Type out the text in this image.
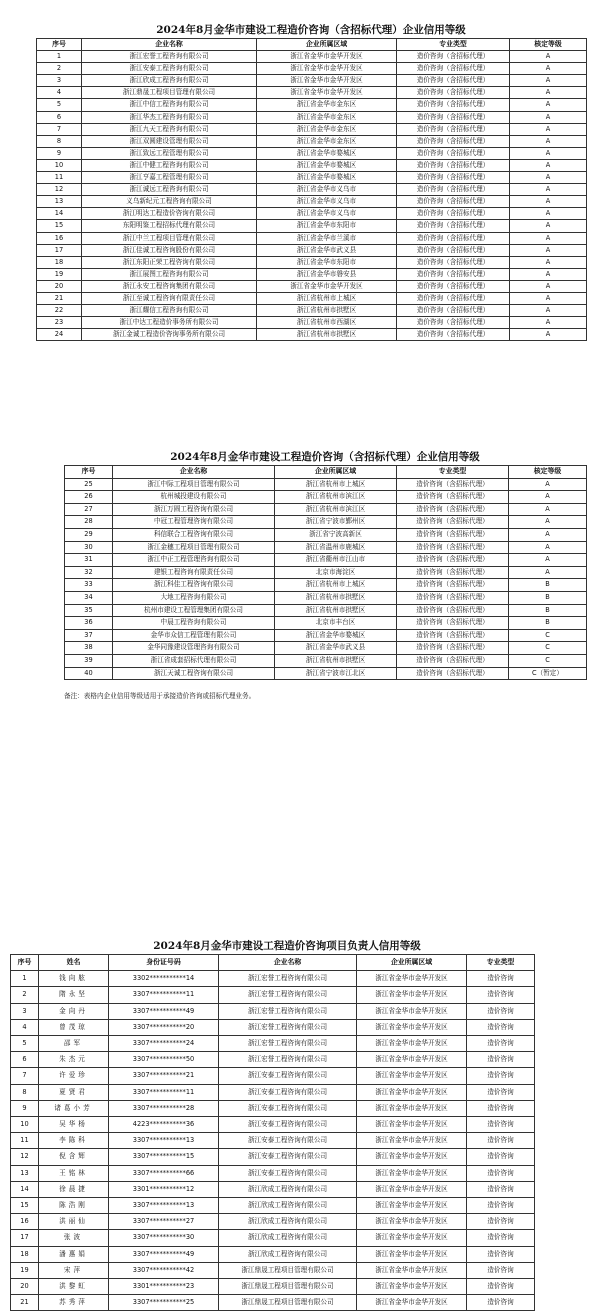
2024年8月金华市建设工程造价咨询（含招标代理）企业信用等级
序号	企业名称	企业所属区域	专业类型	核定等级
1	浙江宏誉工程咨询有限公司	浙江省金华市金华开发区	造价咨询（含招标代理）	A
2	浙江安泰工程咨询有限公司	浙江省金华市金华开发区	造价咨询（含招标代理）	A
3	浙江欣成工程咨询有限公司	浙江省金华市金华开发区	造价咨询（含招标代理）	A
4	浙江鼎晟工程项目管理有限公司	浙江省金华市金华开发区	造价咨询（含招标代理）	A
5	浙江中信工程咨询有限公司	浙江省金华市金东区	造价咨询（含招标代理）	A
6	浙江华杰工程咨询有限公司	浙江省金华市金东区	造价咨询（含招标代理）	A
7	浙江九天工程咨询有限公司	浙江省金华市金东区	造价咨询（含招标代理）	A
8	浙江双圆建设管理有限公司	浙江省金华市金东区	造价咨询（含招标代理）	A
9	浙江致远工程管理有限公司	浙江省金华市婺城区	造价咨询（含招标代理）	A
10	浙江中健工程咨询有限公司	浙江省金华市婺城区	造价咨询（含招标代理）	A
11	浙江亨嘉工程管理有限公司	浙江省金华市婺城区	造价咨询（含招标代理）	A
12	浙江诚远工程咨询有限公司	浙江省金华市义乌市	造价咨询（含招标代理）	A
13	义乌新纪元工程咨询有限公司	浙江省金华市义乌市	造价咨询（含招标代理）	A
14	浙江明达工程造价咨询有限公司	浙江省金华市义乌市	造价咨询（含招标代理）	A
15	东阳明鉴工程招标代理有限公司	浙江省金华市东阳市	造价咨询（含招标代理）	A
16	浙江中兰工程项目管理有限公司	浙江省金华市兰溪市	造价咨询（含招标代理）	A
17	浙江佳诚工程咨询股份有限公司	浙江省金华市武义县	造价咨询（含招标代理）	A
18	浙江东阳正荣工程咨询有限公司	浙江省金华市东阳市	造价咨询（含招标代理）	A
19	浙江展图工程咨询有限公司	浙江省金华市磐安县	造价咨询（含招标代理）	A
20	浙江永安工程咨询集团有限公司	浙江省金华市金华开发区	造价咨询（含招标代理）	A
21	浙江至诚工程咨询有限责任公司	浙江省杭州市上城区	造价咨询（含招标代理）	A
22	浙江耀信工程咨询有限公司	浙江省杭州市拱墅区	造价咨询（含招标代理）	A
23	浙江中达工程造价事务所有限公司	浙江省杭州市西湖区	造价咨询（含招标代理）	A
24	浙江金诚工程造价咨询事务所有限公司	浙江省杭州市拱墅区	造价咨询（含招标代理）	A
2024年8月金华市建设工程造价咨询（含招标代理）企业信用等级
序号	企业名称	企业所属区域	专业类型	核定等级
25	浙江中际工程项目管理有限公司	浙江省杭州市上城区	造价咨询（含招标代理）	A
26	杭州城投建设有限公司	浙江省杭州市滨江区	造价咨询（含招标代理）	A
27	浙江万圆工程咨询有限公司	浙江省杭州市滨江区	造价咨询（含招标代理）	A
28	中冠工程管理咨询有限公司	浙江省宁波市鄞州区	造价咨询（含招标代理）	A
29	科信联合工程咨询有限公司	浙江省宁波高新区	造价咨询（含招标代理）	A
30	浙江金穗工程项目管理有限公司	浙江省温州市鹿城区	造价咨询（含招标代理）	A
31	浙江中正工程管理咨询有限公司	浙江省衢州市江山市	造价咨询（含招标代理）	A
32	建银工程咨询有限责任公司	北京市海淀区	造价咨询（含招标代理）	A
33	浙江科佳工程咨询有限公司	浙江省杭州市上城区	造价咨询（含招标代理）	B
34	大地工程咨询有限公司	浙江省杭州市拱墅区	造价咨询（含招标代理）	B
35	杭州市建设工程管理集团有限公司	浙江省杭州市拱墅区	造价咨询（含招标代理）	B
36	中晨工程咨询有限公司	北京市丰台区	造价咨询（含招标代理）	B
37	金华市众信工程管理有限公司	浙江省金华市婺城区	造价咨询（含招标代理）	C
38	金华同豫建设管理咨询有限公司	浙江省金华市武义县	造价咨询（含招标代理）	C
39	浙江省成套招标代理有限公司	浙江省杭州市拱墅区	造价咨询（含招标代理）	C
40	浙江天诚工程咨询有限公司	浙江省宁波市江北区	造价咨询（含招标代理）	C（暂定）
备注：表格内企业信用等级适用于承接造价咨询或招标代理业务。
2024年8月金华市建设工程造价咨询项目负责人信用等级
序号	姓名	身份证号码	企业名称	企业所属区域	专业类型
1	钱向舷	3302***********14	浙江宏誉工程咨询有限公司	浙江省金华市金华开发区	造价咨询
2	隋永坚	3307***********11	浙江宏誉工程咨询有限公司	浙江省金华市金华开发区	造价咨询
3	金向丹	3307***********49	浙江宏誉工程咨询有限公司	浙江省金华市金华开发区	造价咨询
4	曾茂琼	3307***********20	浙江宏誉工程咨询有限公司	浙江省金华市金华开发区	造价咨询
5	邵军	3307***********24	浙江宏誉工程咨询有限公司	浙江省金华市金华开发区	造价咨询
6	朱杰元	3307***********50	浙江宏誉工程咨询有限公司	浙江省金华市金华开发区	造价咨询
7	许爱珍	3307***********21	浙江安泰工程咨询有限公司	浙江省金华市金华开发区	造价咨询
8	夏贤君	3307***********11	浙江安泰工程咨询有限公司	浙江省金华市金华开发区	造价咨询
9	诸葛小芳	3307***********28	浙江安泰工程咨询有限公司	浙江省金华市金华开发区	造价咨询
10	吴华杨	4223***********36	浙江安泰工程咨询有限公司	浙江省金华市金华开发区	造价咨询
11	李陈科	3307***********13	浙江安泰工程咨询有限公司	浙江省金华市金华开发区	造价咨询
12	倪含辉	3307***********15	浙江安泰工程咨询有限公司	浙江省金华市金华开发区	造价咨询
13	王铭林	3307***********66	浙江安泰工程咨询有限公司	浙江省金华市金华开发区	造价咨询
14	徐晨捷	3301***********12	浙江欣成工程咨询有限公司	浙江省金华市金华开发区	造价咨询
15	陈浩刚	3307***********13	浙江欣成工程咨询有限公司	浙江省金华市金华开发区	造价咨询
16	洪丽仙	3307***********27	浙江欣成工程咨询有限公司	浙江省金华市金华开发区	造价咨询
17	张波	3307***********30	浙江欣成工程咨询有限公司	浙江省金华市金华开发区	造价咨询
18	潘惠娟	3307***********49	浙江欣成工程咨询有限公司	浙江省金华市金华开发区	造价咨询
19	宋萍	3307***********42	浙江鼎晟工程项目管理有限公司	浙江省金华市金华开发区	造价咨询
20	洪黎虹	3301***********23	浙江鼎晟工程项目管理有限公司	浙江省金华市金华开发区	造价咨询
21	苏秀萍	3307***********25	浙江鼎晟工程项目管理有限公司	浙江省金华市金华开发区	造价咨询
